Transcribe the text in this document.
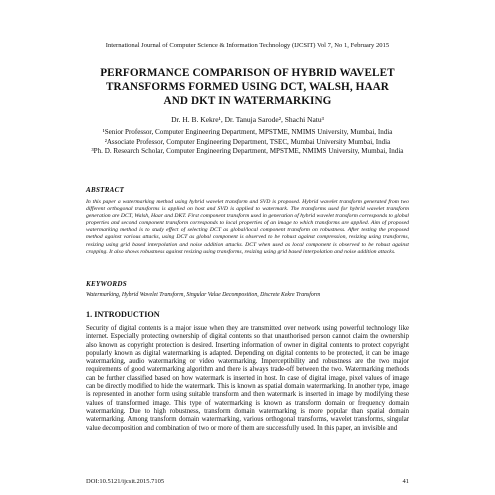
International Journal of Computer Science & Information Technology (IJCSIT) Vol 7, No 1, February 2015
PERFORMANCE COMPARISON OF HYBRID WAVELET
TRANSFORMS FORMED USING DCT, WALSH, HAAR
AND DKT IN WATERMARKING
Dr. H. B. Kekre¹, Dr. Tanuja Sarode², Shachi Natu³
¹Senior Professor, Computer Engineering Department, MPSTME, NMIMS University, Mumbai, India
²Associate Professor, Computer Engineering Department, TSEC, Mumbai University Mumbai, India
³Ph. D. Research Scholar, Computer Engineering Department, MPSTME, NMIMS University, Mumbai, India
ABSTRACT
In this paper a watermarking method using hybrid wavelet transform and SVD is proposed. Hybrid wavelet transform generated from two different orthogonal transforms is applied on host and SVD is applied to watermark. The transforms used for hybrid wavelet transform generation are DCT, Walsh, Haar and DKT. First component transform used in generation of hybrid wavelet transform corresponds to global properties and second component transform corresponds to local properties of an image to which transforms are applied. Aim of proposed watermarking method is to study effect of selecting DCT as global/local component transform on robustness. After testing the proposed method against various attacks, using DCT as global component is observed to be robust against compression, resizing using transforms, resizing using grid based interpolation and noise addition attacks. DCT when used as local component is observed to be robust against cropping. It also shows robustness against resizing using transforms, resizing using grid based interpolation and noise addition attacks.
KEYWORDS
Watermarking, Hybrid Wavelet Transform, Singular Value Decomposition, Discrete Kekre Transform
1. INTRODUCTION
Security of digital contents is a major issue when they are transmitted over network using powerful technology like internet. Especially protecting ownership of digital contents so that unauthorised person cannot claim the ownership also known as copyright protection is desired. Inserting information of owner in digital contents to protect copyright popularly known as digital watermarking is adapted. Depending on digital contents to be protected, it can be image watermarking, audio watermarking or video watermarking. Imperceptibility and robustness are the two major requirements of good watermarking algorithm and there is always trade-off between the two. Watermarking methods can be further classified based on how watermark is inserted in host. In case of digital image, pixel values of image can be directly modified to hide the watermark. This is known as spatial domain watermarking. In another type, image is represented in another form using suitable transform and then watermark is inserted in image by modifying these values of transformed image. This type of watermarking is known as transform domain or frequency domain watermarking. Due to high robustness, transform domain watermarking is more popular than spatial domain watermarking. Among transform domain watermarking, various orthogonal transforms, wavelet transforms, singular value decomposition and combination of two or more of them are successfully used. In this paper, an invisible and
DOI:10.5121/ijcsit.2015.7105	41
